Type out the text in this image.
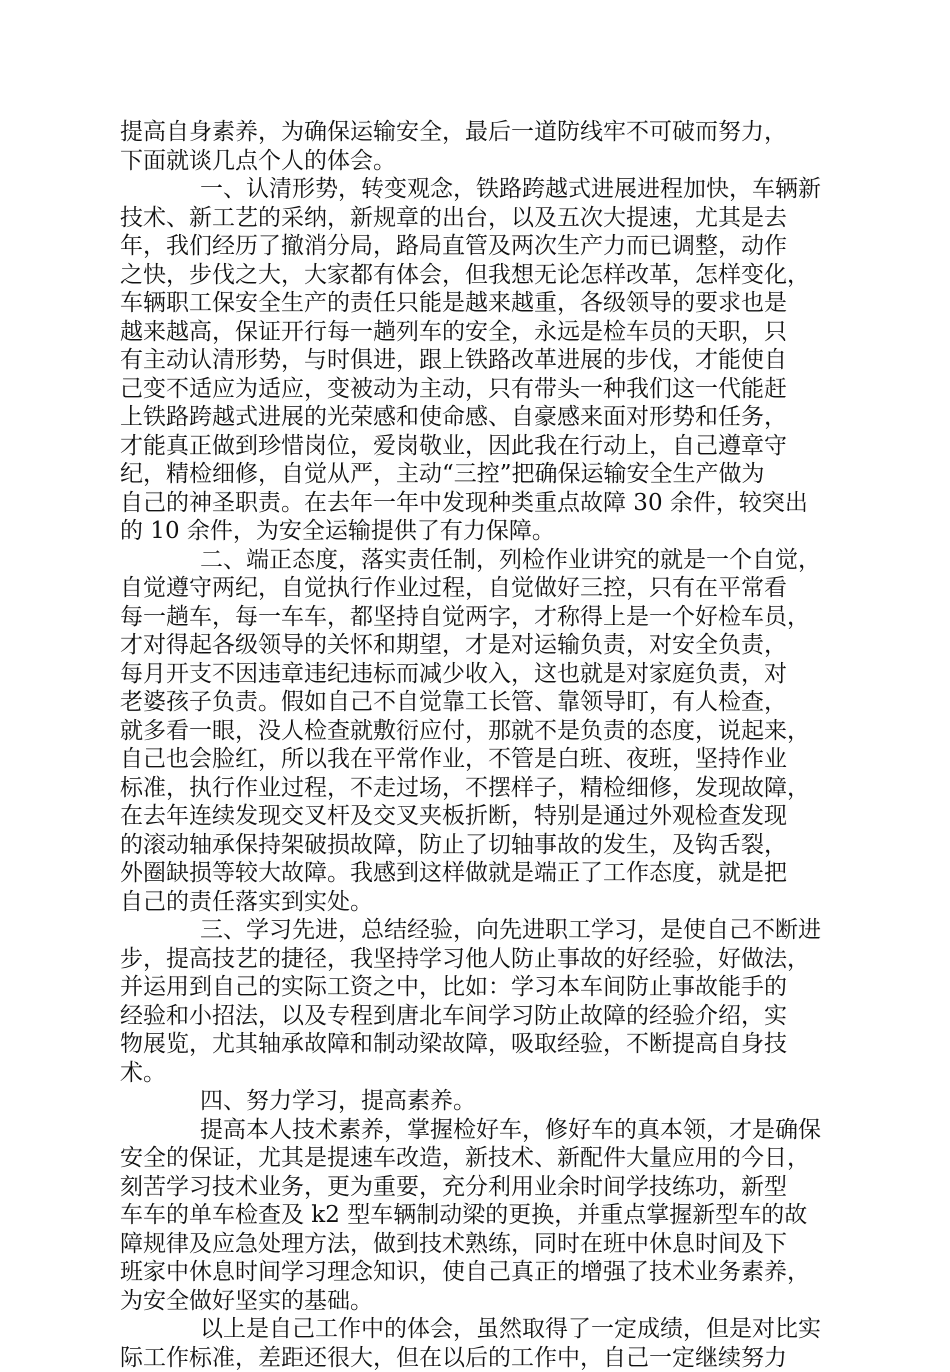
提高自身素养，为确保运输安全，最后一道防线牢不可破而努力，
下面就谈几点个人的体会。
一、认清形势，转变观念，铁路跨越式进展进程加快，车辆新
技术、新工艺的采纳，新规章的出台，以及五次大提速，尤其是去
年，我们经历了撤消分局，路局直管及两次生产力而已调整，动作
之快，步伐之大，大家都有体会，但我想无论怎样改革，怎样变化，
车辆职工保安全生产的责任只能是越来越重，各级领导的要求也是
越来越高，保证开行每一趟列车的安全，永远是检车员的天职，只
有主动认清形势，与时俱进，跟上铁路改革进展的步伐，才能使自
己变不适应为适应，变被动为主动，只有带头一种我们这一代能赶
上铁路跨越式进展的光荣感和使命感、自豪感来面对形势和任务，
才能真正做到珍惜岗位，爱岗敬业，因此我在行动上，自己遵章守
纪，精检细修，自觉从严，主动“三控”把确保运输安全生产做为
自己的神圣职责。在去年一年中发现种类重点故障 30 余件，较突出
的 10 余件，为安全运输提供了有力保障。
二、端正态度，落实责任制，列检作业讲究的就是一个自觉，
自觉遵守两纪，自觉执行作业过程，自觉做好三控，只有在平常看
每一趟车，每一车车，都坚持自觉两字，才称得上是一个好检车员，
才对得起各级领导的关怀和期望，才是对运输负责，对安全负责，
每月开支不因违章违纪违标而减少收入，这也就是对家庭负责，对
老婆孩子负责。假如自己不自觉靠工长管、靠领导盯，有人检查，
就多看一眼，没人检查就敷衍应付，那就不是负责的态度，说起来，
自己也会脸红，所以我在平常作业，不管是白班、夜班，坚持作业
标准，执行作业过程，不走过场，不摆样子，精检细修，发现故障，
在去年连续发现交叉杆及交叉夹板折断，特别是通过外观检查发现
的滚动轴承保持架破损故障，防止了切轴事故的发生，及钩舌裂，
外圈缺损等较大故障。我感到这样做就是端正了工作态度，就是把
自己的责任落实到实处。
三、学习先进，总结经验，向先进职工学习，是使自己不断进
步，提高技艺的捷径，我坚持学习他人防止事故的好经验，好做法，
并运用到自己的实际工资之中，比如：学习本车间防止事故能手的
经验和小招法，以及专程到唐北车间学习防止故障的经验介绍，实
物展览，尤其轴承故障和制动梁故障，吸取经验，不断提高自身技
术。
四、努力学习，提高素养。
提高本人技术素养，掌握检好车，修好车的真本领，才是确保
安全的保证，尤其是提速车改造，新技术、新配件大量应用的今日，
刻苦学习技术业务，更为重要，充分利用业余时间学技练功，新型
车车的单车检查及 k2 型车辆制动梁的更换，并重点掌握新型车的故
障规律及应急处理方法，做到技术熟练，同时在班中休息时间及下
班家中休息时间学习理念知识，使自己真正的增强了技术业务素养，
为安全做好坚实的基础。
以上是自己工作中的体会，虽然取得了一定成绩，但是对比实
际工作标准，差距还很大，但在以后的工作中，自己一定继续努力
